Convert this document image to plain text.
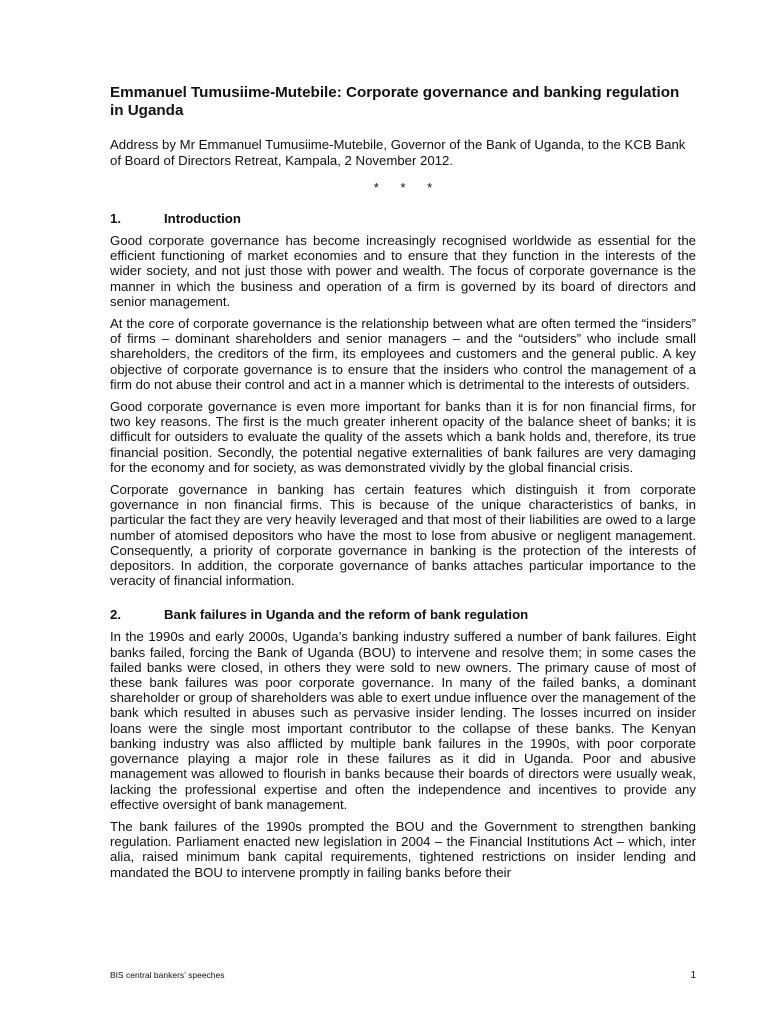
Emmanuel Tumusiime-Mutebile: Corporate governance and banking regulation in Uganda
Address by Mr Emmanuel Tumusiime-Mutebile, Governor of the Bank of Uganda, to the KCB Bank of Board of Directors Retreat, Kampala, 2 November 2012.
* * *
1.	Introduction

Good corporate governance has become increasingly recognised worldwide as essential for the efficient functioning of market economies and to ensure that they function in the interests of the wider society, and not just those with power and wealth. The focus of corporate governance is the manner in which the business and operation of a firm is governed by its board of directors and senior management.

At the core of corporate governance is the relationship between what are often termed the “insiders” of firms – dominant shareholders and senior managers – and the “outsiders” who include small shareholders, the creditors of the firm, its employees and customers and the general public. A key objective of corporate governance is to ensure that the insiders who control the management of a firm do not abuse their control and act in a manner which is detrimental to the interests of outsiders.

Good corporate governance is even more important for banks than it is for non financial firms, for two key reasons. The first is the much greater inherent opacity of the balance sheet of banks; it is difficult for outsiders to evaluate the quality of the assets which a bank holds and, therefore, its true financial position. Secondly, the potential negative externalities of bank failures are very damaging for the economy and for society, as was demonstrated vividly by the global financial crisis.

Corporate governance in banking has certain features which distinguish it from corporate governance in non financial firms. This is because of the unique characteristics of banks, in particular the fact they are very heavily leveraged and that most of their liabilities are owed to a large number of atomised depositors who have the most to lose from abusive or negligent management. Consequently, a priority of corporate governance in banking is the protection of the interests of depositors. In addition, the corporate governance of banks attaches particular importance to the veracity of financial information.

2.	Bank failures in Uganda and the reform of bank regulation

In the 1990s and early 2000s, Uganda’s banking industry suffered a number of bank failures. Eight banks failed, forcing the Bank of Uganda (BOU) to intervene and resolve them; in some cases the failed banks were closed, in others they were sold to new owners. The primary cause of most of these bank failures was poor corporate governance. In many of the failed banks, a dominant shareholder or group of shareholders was able to exert undue influence over the management of the bank which resulted in abuses such as pervasive insider lending. The losses incurred on insider loans were the single most important contributor to the collapse of these banks. The Kenyan banking industry was also afflicted by multiple bank failures in the 1990s, with poor corporate governance playing a major role in these failures as it did in Uganda. Poor and abusive management was allowed to flourish in banks because their boards of directors were usually weak, lacking the professional expertise and often the independence and incentives to provide any effective oversight of bank management.

The bank failures of the 1990s prompted the BOU and the Government to strengthen banking regulation. Parliament enacted new legislation in 2004 – the Financial Institutions Act – which, inter alia, raised minimum bank capital requirements, tightened restrictions on insider lending and mandated the BOU to intervene promptly in failing banks before their

BIS central bankers’ speeches	1
